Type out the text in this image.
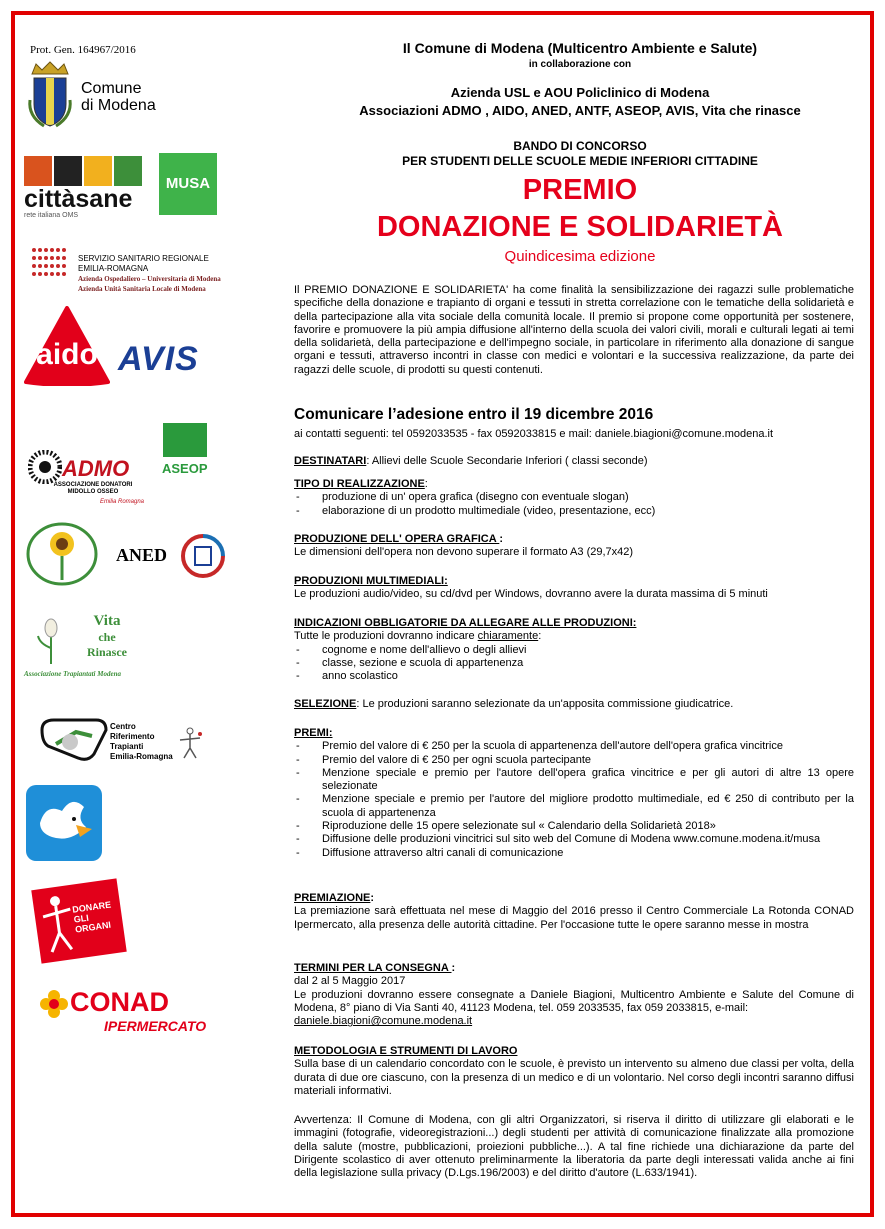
Prot. Gen. 164967/2016
Comune
di Modena
cittàsane
rete italiana OMS
MUSA
SERVIZIO SANITARIO REGIONALE
EMILIA-ROMAGNA
Azienda Ospedaliero – Universitaria di Modena
Azienda Unità Sanitaria Locale di Modena
aido AVIS
ADMO
ASSOCIAZIONE DONATORI MIDOLLO OSSEO
Emilia Romagna
ASEOP
ANED
Vita
che
Rinasce
Associazione Trapiantati Modena
Centro
Riferimento
Trapianti
Emilia-Romagna
DONARE GLI ORGANI
CONAD
IPERMERCATO
Il Comune di Modena (Multicentro Ambiente e Salute)
in collaborazione con
Azienda USL e AOU Policlinico di Modena
Associazioni ADMO , AIDO, ANED, ANTF, ASEOP, AVIS, Vita che rinasce
BANDO DI CONCORSO
PER STUDENTI DELLE SCUOLE MEDIE INFERIORI CITTADINE
PREMIO
DONAZIONE E SOLIDARIETÀ
Quindicesima edizione
Il PREMIO DONAZIONE E SOLIDARIETA' ha come finalità la sensibilizzazione dei ragazzi sulle problematiche specifiche della donazione e trapianto di organi e tessuti in stretta correlazione con le tematiche della solidarietà e della partecipazione alla vita sociale della comunità locale. Il premio si propone come opportunità per sostenere, favorire e promuovere la più ampia diffusione all'interno della scuola dei valori civili, morali e culturali legati ai temi della solidarietà, della partecipazione e dell'impegno sociale, in particolare in riferimento alla donazione di sangue organi e tessuti, attraverso incontri in classe con medici e volontari e la successiva realizzazione, da parte dei ragazzi delle scuole, di prodotti su questi contenuti.
Comunicare l’adesione entro il 19 dicembre 2016
ai contatti seguenti: tel 0592033535 - fax 0592033815 e mail: daniele.biagioni@comune.modena.it
DESTINATARI: Allievi delle Scuole Secondarie Inferiori ( classi seconde)
TIPO DI REALIZZAZIONE:
- produzione di un' opera grafica (disegno con eventuale slogan)
- elaborazione di un prodotto multimediale (video, presentazione, ecc)
PRODUZIONE DELL' OPERA GRAFICA :
Le dimensioni dell'opera non devono superare il formato A3 (29,7x42)
PRODUZIONI MULTIMEDIALI:
Le produzioni audio/video, su cd/dvd per Windows, dovranno avere la durata massima di 5 minuti
INDICAZIONI OBBLIGATORIE DA ALLEGARE ALLE PRODUZIONI:
Tutte le produzioni dovranno indicare chiaramente:
- cognome e nome dell'allievo o degli allievi
- classe, sezione e scuola di appartenenza
- anno scolastico
SELEZIONE: Le produzioni saranno selezionate da un'apposita commissione giudicatrice.
PREMI:
- Premio del valore di € 250 per la scuola di appartenenza dell'autore dell'opera grafica vincitrice
- Premio del valore di € 250 per ogni scuola partecipante
- Menzione speciale e premio per l'autore dell'opera grafica vincitrice e per gli autori di altre 13 opere selezionate
- Menzione speciale e premio per l'autore del migliore prodotto multimediale, ed € 250 di contributo per la scuola di appartenenza
- Riproduzione delle 15 opere selezionate sul « Calendario della Solidarietà 2018»
- Diffusione delle produzioni vincitrici sul sito web del Comune di Modena www.comune.modena.it/musa
- Diffusione attraverso altri canali di comunicazione
PREMIAZIONE:
La premiazione sarà effettuata nel mese di Maggio del 2016 presso il Centro Commerciale La Rotonda CONAD Ipermercato, alla presenza delle autorità cittadine. Per l'occasione tutte le opere saranno messe in mostra
TERMINI PER LA CONSEGNA :
dal 2 al 5 Maggio 2017
Le produzioni dovranno essere consegnate a Daniele Biagioni, Multicentro Ambiente e Salute del Comune di Modena, 8° piano di Via Santi 40, 41123 Modena, tel. 059 2033535, fax 059 2033815, e-mail:
daniele.biagioni@comune.modena.it
METODOLOGIA E STRUMENTI DI LAVORO
Sulla base di un calendario concordato con le scuole, è previsto un intervento su almeno due classi per volta, della durata di due ore ciascuno, con la presenza di un medico e di un volontario. Nel corso degli incontri saranno diffusi materiali informativi.
Avvertenza: Il Comune di Modena, con gli altri Organizzatori, si riserva il diritto di utilizzare gli elaborati e le immagini (fotografie, videoregistrazioni...) degli studenti per attività di comunicazione finalizzate alla promozione della salute (mostre, pubblicazioni, proiezioni pubbliche...). A tal fine richiede una dichiarazione da parte del Dirigente scolastico di aver ottenuto preliminarmente la liberatoria da parte degli interessati valida anche ai fini della legislazione sulla privacy (D.Lgs.196/2003) e del diritto d'autore (L.633/1941).
